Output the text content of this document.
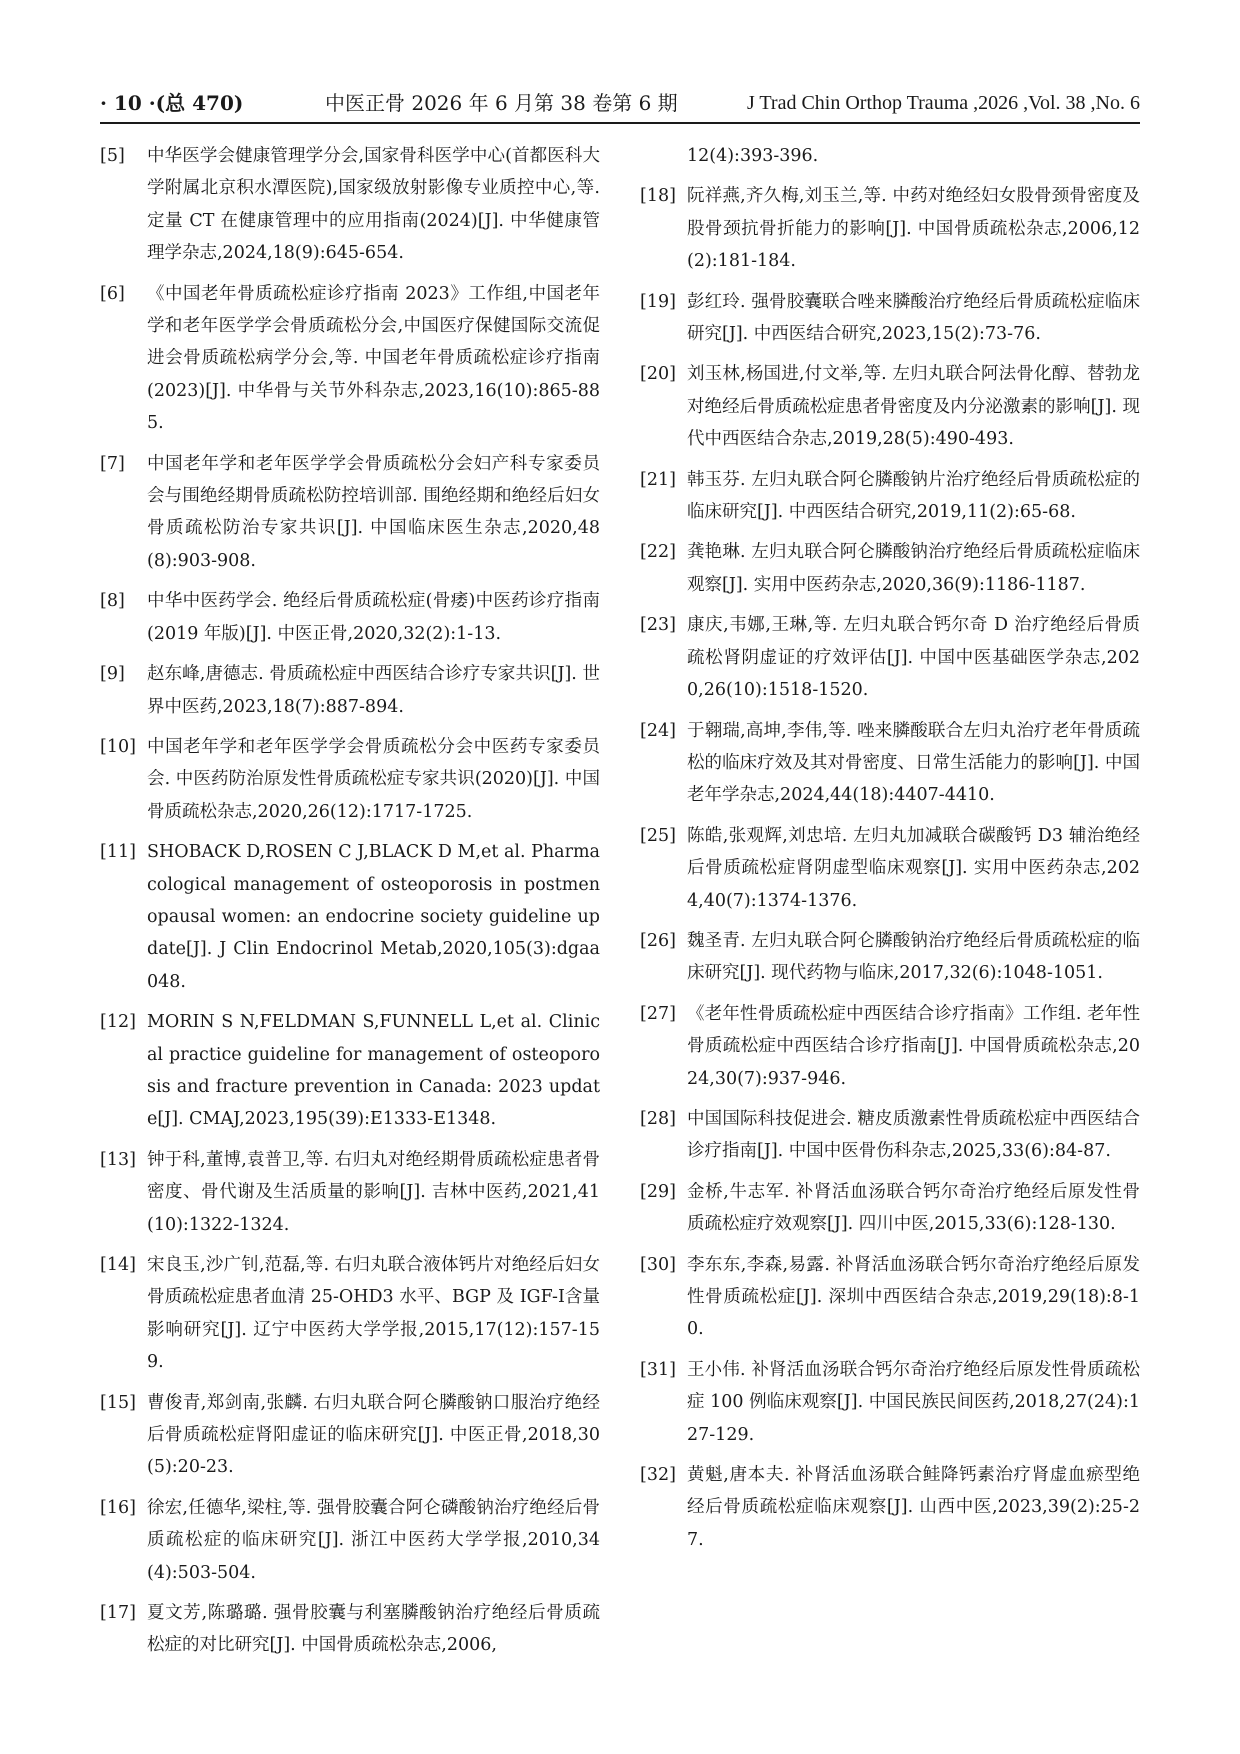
· 10 ·(总 470)	中医正骨 2026 年 6 月第 38 卷第 6 期	J Trad Chin Orthop Trauma ,2026 ,Vol. 38 ,No. 6
[5] 中华医学会健康管理学分会,国家骨科医学中心(首都医科大学附属北京积水潭医院),国家级放射影像专业质控中心,等. 定量 CT 在健康管理中的应用指南(2024)[J]. 中华健康管理学杂志,2024,18(9):645-654.
[6] 《中国老年骨质疏松症诊疗指南 2023》工作组,中国老年学和老年医学学会骨质疏松分会,中国医疗保健国际交流促进会骨质疏松病学分会,等. 中国老年骨质疏松症诊疗指南(2023)[J]. 中华骨与关节外科杂志,2023,16(10):865-885.
[7] 中国老年学和老年医学学会骨质疏松分会妇产科专家委员会与围绝经期骨质疏松防控培训部. 围绝经期和绝经后妇女骨质疏松防治专家共识[J]. 中国临床医生杂志,2020,48(8):903-908.
[8] 中华中医药学会. 绝经后骨质疏松症(骨痿)中医药诊疗指南(2019 年版)[J]. 中医正骨,2020,32(2):1-13.
[9] 赵东峰,唐德志. 骨质疏松症中西医结合诊疗专家共识[J]. 世界中医药,2023,18(7):887-894.
[10] 中国老年学和老年医学学会骨质疏松分会中医药专家委员会. 中医药防治原发性骨质疏松症专家共识(2020)[J]. 中国骨质疏松杂志,2020,26(12):1717-1725.
[11] SHOBACK D,ROSEN C J,BLACK D M,et al. Pharmacological management of osteoporosis in postmenopausal women: an endocrine society guideline update[J]. J Clin Endocrinol Metab,2020,105(3):dgaa048.
[12] MORIN S N,FELDMAN S,FUNNELL L,et al. Clinical practice guideline for management of osteoporosis and fracture prevention in Canada: 2023 update[J]. CMAJ,2023,195(39):E1333-E1348.
[13] 钟于科,董博,袁普卫,等. 右归丸对绝经期骨质疏松症患者骨密度、骨代谢及生活质量的影响[J]. 吉林中医药,2021,41(10):1322-1324.
[14] 宋良玉,沙广钊,范磊,等. 右归丸联合液体钙片对绝经后妇女骨质疏松症患者血清 25-OHD3 水平、BGP 及 IGF-Ⅰ含量影响研究[J]. 辽宁中医药大学学报,2015,17(12):157-159.
[15] 曹俊青,郑剑南,张麟. 右归丸联合阿仑膦酸钠口服治疗绝经后骨质疏松症肾阳虚证的临床研究[J]. 中医正骨,2018,30(5):20-23.
[16] 徐宏,任德华,梁柱,等. 强骨胶囊合阿仑磷酸钠治疗绝经后骨质疏松症的临床研究[J]. 浙江中医药大学学报,2010,34(4):503-504.
[17] 夏文芳,陈璐璐. 强骨胶囊与利塞膦酸钠治疗绝经后骨质疏松症的对比研究[J]. 中国骨质疏松杂志,2006,
12(4):393-396.
[18] 阮祥燕,齐久梅,刘玉兰,等. 中药对绝经妇女股骨颈骨密度及股骨颈抗骨折能力的影响[J]. 中国骨质疏松杂志,2006,12(2):181-184.
[19] 彭红玲. 强骨胶囊联合唑来膦酸治疗绝经后骨质疏松症临床研究[J]. 中西医结合研究,2023,15(2):73-76.
[20] 刘玉林,杨国进,付文举,等. 左归丸联合阿法骨化醇、替勃龙对绝经后骨质疏松症患者骨密度及内分泌激素的影响[J]. 现代中西医结合杂志,2019,28(5):490-493.
[21] 韩玉芬. 左归丸联合阿仑膦酸钠片治疗绝经后骨质疏松症的临床研究[J]. 中西医结合研究,2019,11(2):65-68.
[22] 龚艳琳. 左归丸联合阿仑膦酸钠治疗绝经后骨质疏松症临床观察[J]. 实用中医药杂志,2020,36(9):1186-1187.
[23] 康庆,韦娜,王琳,等. 左归丸联合钙尔奇 D 治疗绝经后骨质疏松肾阴虚证的疗效评估[J]. 中国中医基础医学杂志,2020,26(10):1518-1520.
[24] 于翱瑞,高坤,李伟,等. 唑来膦酸联合左归丸治疗老年骨质疏松的临床疗效及其对骨密度、日常生活能力的影响[J]. 中国老年学杂志,2024,44(18):4407-4410.
[25] 陈皓,张观辉,刘忠培. 左归丸加减联合碳酸钙 D3 辅治绝经后骨质疏松症肾阴虚型临床观察[J]. 实用中医药杂志,2024,40(7):1374-1376.
[26] 魏圣青. 左归丸联合阿仑膦酸钠治疗绝经后骨质疏松症的临床研究[J]. 现代药物与临床,2017,32(6):1048-1051.
[27] 《老年性骨质疏松症中西医结合诊疗指南》工作组. 老年性骨质疏松症中西医结合诊疗指南[J]. 中国骨质疏松杂志,2024,30(7):937-946.
[28] 中国国际科技促进会. 糖皮质激素性骨质疏松症中西医结合诊疗指南[J]. 中国中医骨伤科杂志,2025,33(6):84-87.
[29] 金桥,牛志军. 补肾活血汤联合钙尔奇治疗绝经后原发性骨质疏松症疗效观察[J]. 四川中医,2015,33(6):128-130.
[30] 李东东,李森,易露. 补肾活血汤联合钙尔奇治疗绝经后原发性骨质疏松症[J]. 深圳中西医结合杂志,2019,29(18):8-10.
[31] 王小伟. 补肾活血汤联合钙尔奇治疗绝经后原发性骨质疏松症 100 例临床观察[J]. 中国民族民间医药,2018,27(24):127-129.
[32] 黄魁,唐本夫. 补肾活血汤联合鲑降钙素治疗肾虚血瘀型绝经后骨质疏松症临床观察[J]. 山西中医,2023,39(2):25-27.
